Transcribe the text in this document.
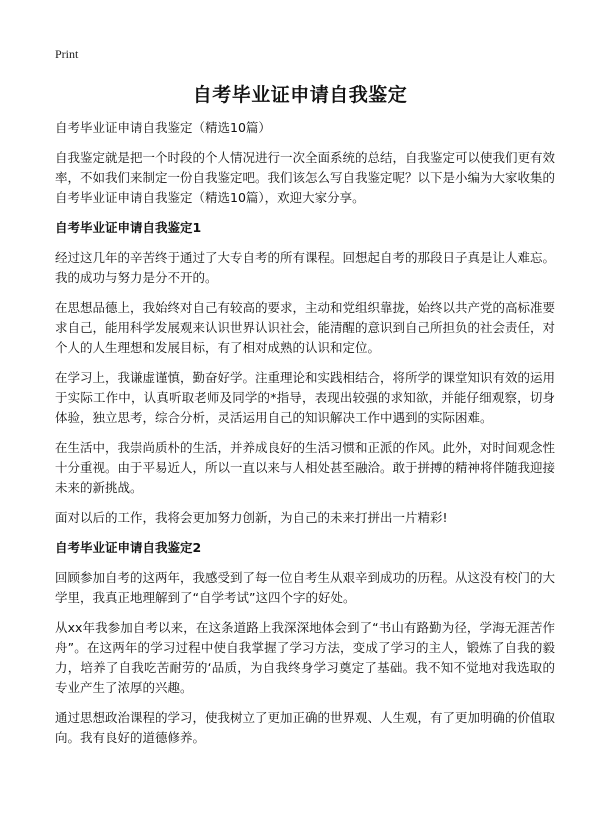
Print
自考毕业证申请自我鉴定
自考毕业证申请自我鉴定（精选10篇）

自我鉴定就是把一个时段的个人情况进行一次全面系统的总结，自我鉴定可以使我们更有效率，不如我们来制定一份自我鉴定吧。我们该怎么写自我鉴定呢？以下是小编为大家收集的自考毕业证申请自我鉴定（精选10篇），欢迎大家分享。

自考毕业证申请自我鉴定1

经过这几年的辛苦终于通过了大专自考的所有课程。回想起自考的那段日子真是让人难忘。我的成功与努力是分不开的。

在思想品德上，我始终对自己有较高的要求，主动和党组织靠拢，始终以共产党的高标准要求自己，能用科学发展观来认识世界认识社会，能清醒的意识到自己所担负的社会责任，对个人的人生理想和发展目标，有了相对成熟的认识和定位。

在学习上，我谦虚谨慎，勤奋好学。注重理论和实践相结合，将所学的课堂知识有效的运用于实际工作中，认真听取老师及同学的*指导，表现出较强的求知欲，并能仔细观察，切身体验，独立思考，综合分析，灵活运用自己的知识解决工作中遇到的实际困难。

在生活中，我崇尚质朴的生活，并养成良好的生活习惯和正派的作风。此外，对时间观念性十分重视。由于平易近人，所以一直以来与人相处甚至融洽。敢于拼搏的精神将伴随我迎接未来的新挑战。

面对以后的工作，我将会更加努力创新，为自己的未来打拼出一片精彩!

自考毕业证申请自我鉴定2

回顾参加自考的这两年，我感受到了每一位自考生从艰辛到成功的历程。从这没有校门的大学里，我真正地理解到了“自学考试”这四个字的好处。

从xx年我参加自考以来，在这条道路上我深深地体会到了“书山有路勤为径，学海无涯苦作舟”。在这两年的学习过程中使自我掌握了学习方法，变成了学习的主人，锻炼了自我的毅力，培养了自我吃苦耐劳的‘品质，为自我终身学习奠定了基础。我不知不觉地对我选取的专业产生了浓厚的兴趣。

通过思想政治课程的学习，使我树立了更加正确的世界观、人生观，有了更加明确的价值取向。我有良好的道德修养。
